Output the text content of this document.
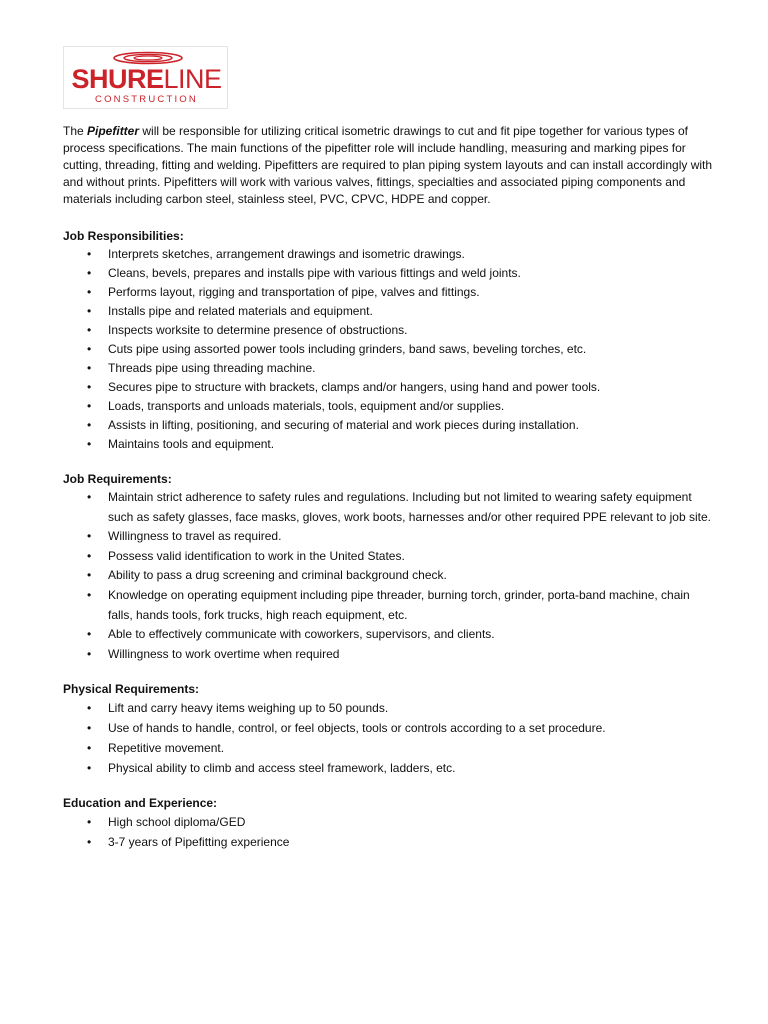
SHURELINE
CONSTRUCTION

The Pipefitter will be responsible for utilizing critical isometric drawings to cut and fit pipe together for various types of process specifications. The main functions of the pipefitter role will include handling, measuring and marking pipes for cutting, threading, fitting and welding. Pipefitters are required to plan piping system layouts and can install accordingly with and without prints. Pipefitters will work with various valves, fittings, specialties and associated piping components and materials including carbon steel, stainless steel, PVC, CPVC, HDPE and copper.

Job Responsibilities:

• Interprets sketches, arrangement drawings and isometric drawings.
• Cleans, bevels, prepares and installs pipe with various fittings and weld joints.
• Performs layout, rigging and transportation of pipe, valves and fittings.
• Installs pipe and related materials and equipment.
• Inspects worksite to determine presence of obstructions.
• Cuts pipe using assorted power tools including grinders, band saws, beveling torches, etc.
• Threads pipe using threading machine.
• Secures pipe to structure with brackets, clamps and/or hangers, using hand and power tools.
• Loads, transports and unloads materials, tools, equipment and/or supplies.
• Assists in lifting, positioning, and securing of material and work pieces during installation.
• Maintains tools and equipment.

Job Requirements:

• Maintain strict adherence to safety rules and regulations. Including but not limited to wearing safety equipment such as safety glasses, face masks, gloves, work boots, harnesses and/or other required PPE relevant to job site.
• Willingness to travel as required.
• Possess valid identification to work in the United States.
• Ability to pass a drug screening and criminal background check.
• Knowledge on operating equipment including pipe threader, burning torch, grinder, porta-band machine, chain falls, hands tools, fork trucks, high reach equipment, etc.
• Able to effectively communicate with coworkers, supervisors, and clients.
• Willingness to work overtime when required

Physical Requirements:

• Lift and carry heavy items weighing up to 50 pounds.
• Use of hands to handle, control, or feel objects, tools or controls according to a set procedure.
• Repetitive movement.
• Physical ability to climb and access steel framework, ladders, etc.

Education and Experience:

• High school diploma/GED
• 3-7 years of Pipefitting experience
